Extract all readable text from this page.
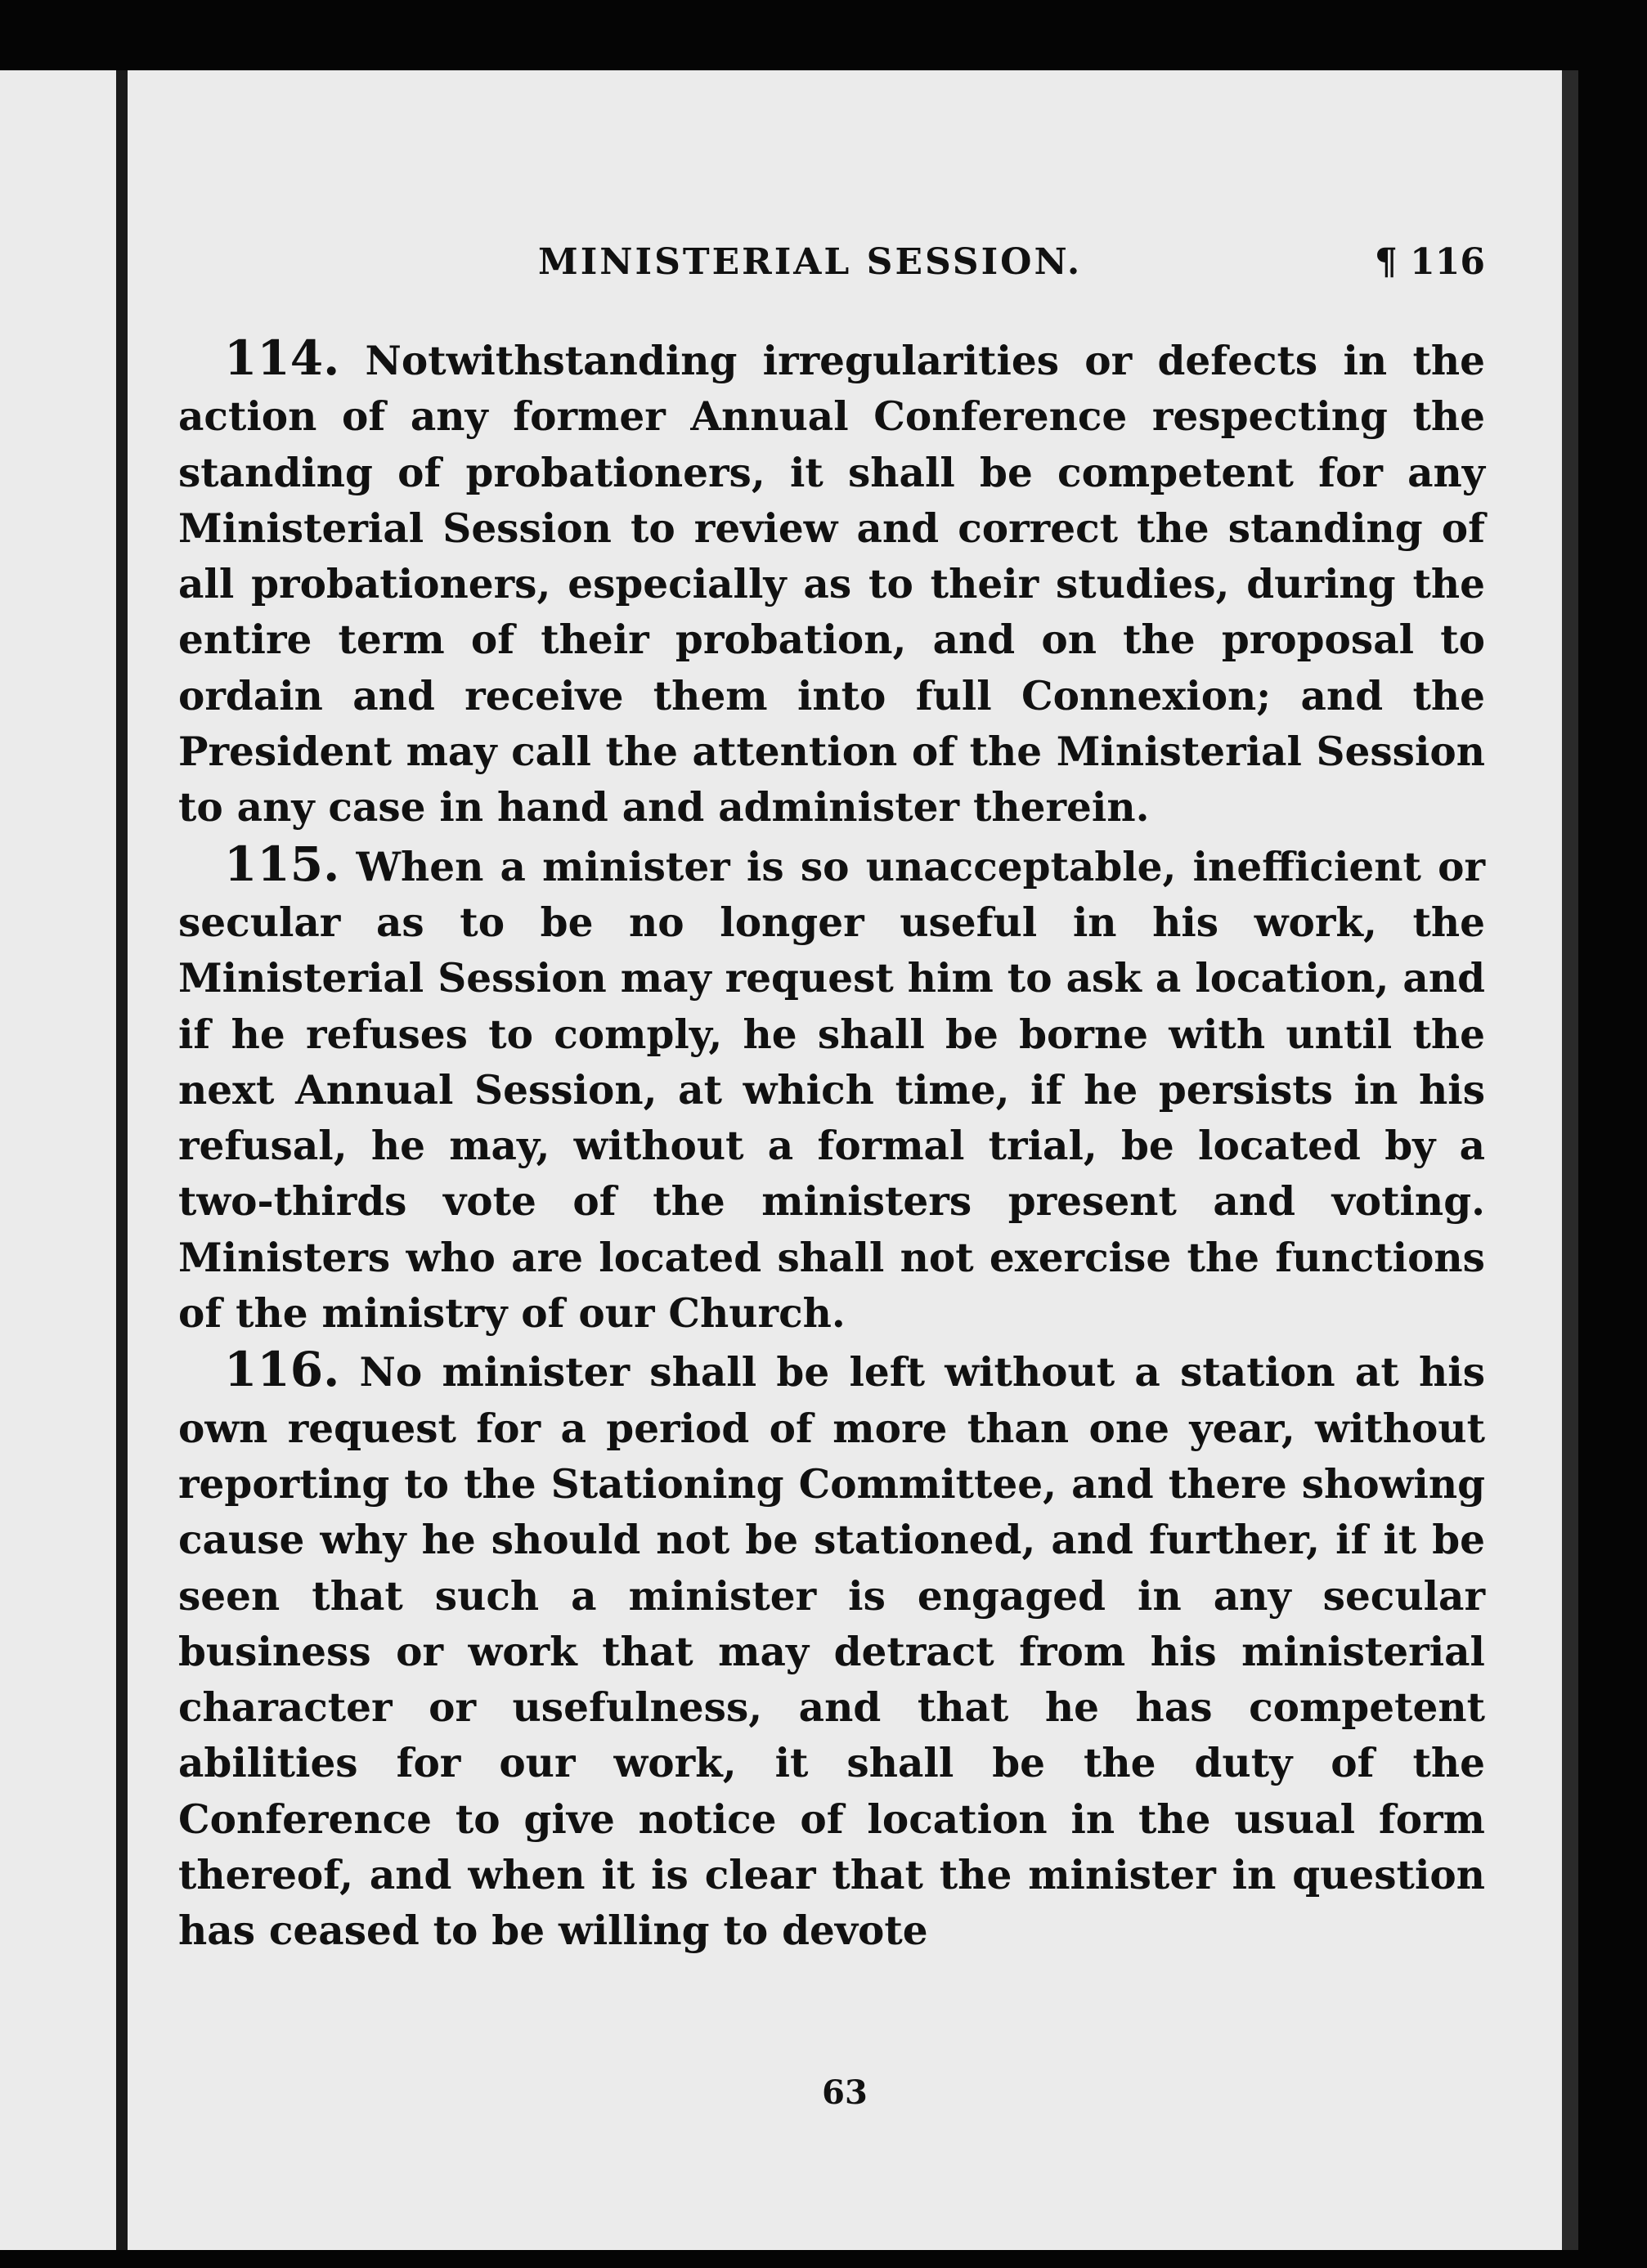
MINISTERIAL SESSION.	¶ 116

114. Notwithstanding irregularities or defects in the action of any former Annual Conference respecting the standing of probationers, it shall be competent for any Ministerial Session to review and correct the standing of all probationers, especially as to their studies, during the entire term of their probation, and on the proposal to ordain and receive them into full Connexion; and the President may call the attention of the Ministerial Session to any case in hand and administer therein.

115. When a minister is so unacceptable, inefficient or secular as to be no longer useful in his work, the Ministerial Session may request him to ask a location, and if he refuses to comply, he shall be borne with until the next Annual Session, at which time, if he persists in his refusal, he may, without a formal trial, be located by a two-thirds vote of the ministers present and voting. Ministers who are located shall not exercise the functions of the ministry of our Church.

116. No minister shall be left without a station at his own request for a period of more than one year, without reporting to the Stationing Committee, and there showing cause why he should not be stationed, and further, if it be seen that such a minister is engaged in any secular business or work that may detract from his ministerial character or usefulness, and that he has competent abilities for our work, it shall be the duty of the Conference to give notice of location in the usual form thereof, and when it is clear that the minister in question has ceased to be willing to devote

63
